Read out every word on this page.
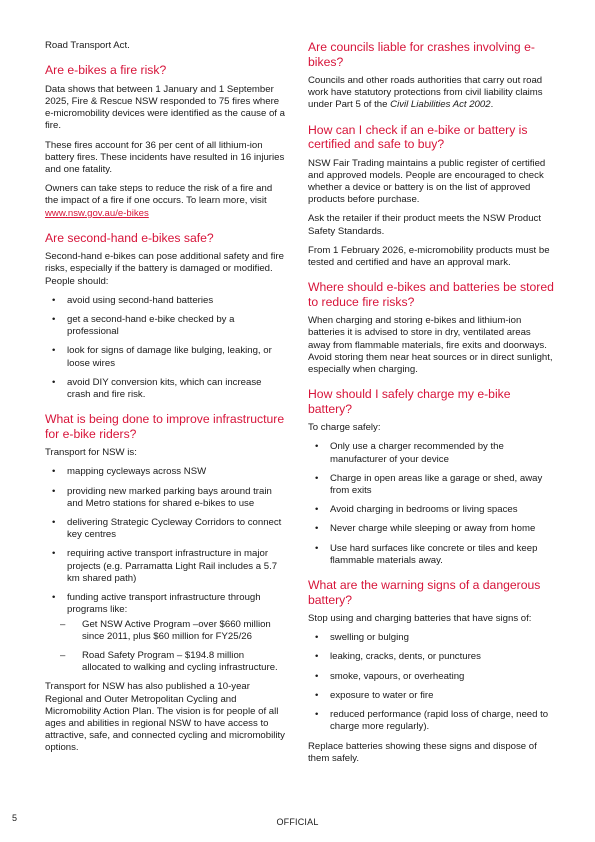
Road Transport Act.

Are e-bikes a fire risk?

Data shows that between 1 January and 1 September 2025, Fire & Rescue NSW responded to 75 fires where e-micromobility devices were identified as the cause of a fire.

These fires account for 36 per cent of all lithium-ion battery fires. These incidents have resulted in 16 injuries and one fatality.

Owners can take steps to reduce the risk of a fire and the impact of a fire if one occurs. To learn more, visit www.nsw.gov.au/e-bikes

Are second-hand e-bikes safe?

Second-hand e-bikes can pose additional safety and fire risks, especially if the battery is damaged or modified. People should:

• avoid using second-hand batteries
• get a second-hand e-bike checked by a professional
• look for signs of damage like bulging, leaking, or loose wires
• avoid DIY conversion kits, which can increase crash and fire risk.
What is being done to improve infrastructure for e-bike riders?

Transport for NSW is:

• mapping cycleways across NSW
• providing new marked parking bays around train and Metro stations for shared e-bikes to use
• delivering Strategic Cycleway Corridors to connect key centres
• requiring active transport infrastructure in major projects (e.g. Parramatta Light Rail includes a 5.7 km shared path)
• funding active transport infrastructure through programs like:
– Get NSW Active Program –over $660 million since 2011, plus $60 million for FY25/26
– Road Safety Program – $194.8 million allocated to walking and cycling infrastructure.

Transport for NSW has also published a 10-year Regional and Outer Metropolitan Cycling and Micromobility Action Plan. The vision is for people of all ages and abilities in regional NSW to have access to attractive, safe, and connected cycling and micromobility options.

Are councils liable for crashes involving e-bikes?

Councils and other roads authorities that carry out road work have statutory protections from civil liability claims under Part 5 of the Civil Liabilities Act 2002.

How can I check if an e-bike or battery is certified and safe to buy?

NSW Fair Trading maintains a public register of certified and approved models. People are encouraged to check whether a device or battery is on the list of approved products before purchase.

Ask the retailer if their product meets the NSW Product Safety Standards.

From 1 February 2026, e-micromobility products must be tested and certified and have an approval mark.

Where should e-bikes and batteries be stored to reduce fire risks?

When charging and storing e-bikes and lithium-ion batteries it is advised to store in dry, ventilated areas away from flammable materials, fire exits and doorways. Avoid storing them near heat sources or in direct sunlight, especially when charging.

How should I safely charge my e-bike battery?

To charge safely:

• Only use a charger recommended by the manufacturer of your device
• Charge in open areas like a garage or shed, away from exits
• Avoid charging in bedrooms or living spaces
• Never charge while sleeping or away from home
• Use hard surfaces like concrete or tiles and keep flammable materials away.
What are the warning signs of a dangerous battery?

Stop using and charging batteries that have signs of:

• swelling or bulging
• leaking, cracks, dents, or punctures
• smoke, vapours, or overheating
• exposure to water or fire
• reduced performance (rapid loss of charge, need to charge more regularly).

Replace batteries showing these signs and dispose of them safely.

5	OFFICIAL
